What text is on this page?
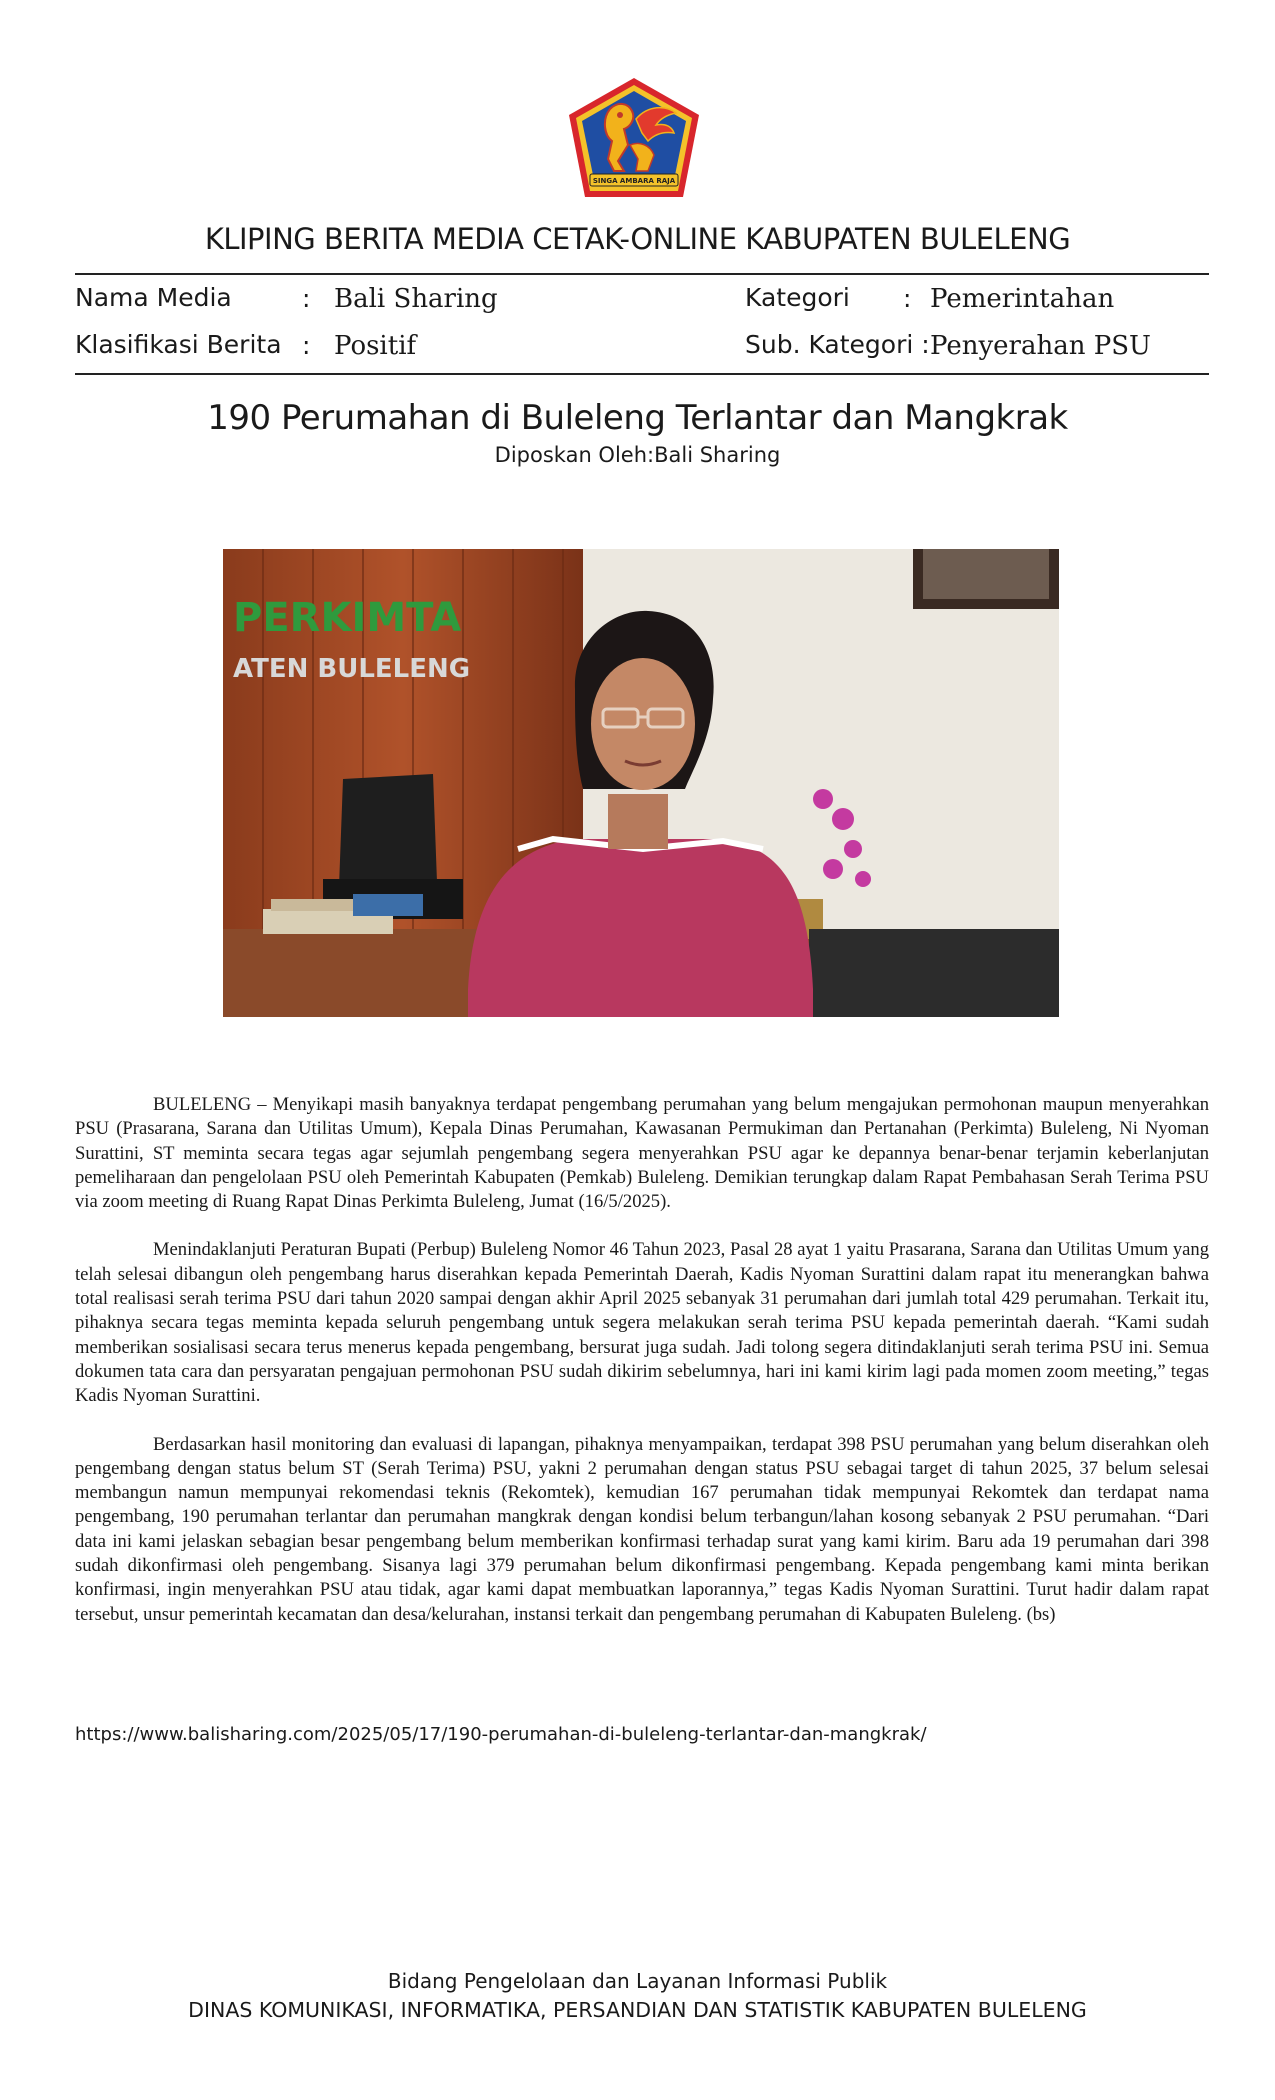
SINGA AMBARA RAJA
KLIPING BERITA MEDIA CETAK-ONLINE KABUPATEN BULELENG
Nama Media	: Bali Sharing
Klasifikasi Berita : Positif
Kategori : Pemerintahan
Sub. Kategori : Penyerahan PSU
190 Perumahan di Buleleng Terlantar dan Mangkrak
Diposkan Oleh:Bali Sharing
PERKIMTA
ATEN BULELENG

BULELENG – Menyikapi masih banyaknya terdapat pengembang perumahan yang belum mengajukan permohonan maupun menyerahkan PSU (Prasarana, Sarana dan Utilitas Umum), Kepala Dinas Perumahan, Kawasanan Permukiman dan Pertanahan (Perkimta) Buleleng, Ni Nyoman Surattini, ST meminta secara tegas agar sejumlah pengembang segera menyerahkan PSU agar ke depannya benar-benar terjamin keberlanjutan pemeliharaan dan pengelolaan PSU oleh Pemerintah Kabupaten (Pemkab) Buleleng. Demikian terungkap dalam Rapat Pembahasan Serah Terima PSU via zoom meeting di Ruang Rapat Dinas Perkimta Buleleng, Jumat (16/5/2025).

Menindaklanjuti Peraturan Bupati (Perbup) Buleleng Nomor 46 Tahun 2023, Pasal 28 ayat 1 yaitu Prasarana, Sarana dan Utilitas Umum yang telah selesai dibangun oleh pengembang harus diserahkan kepada Pemerintah Daerah, Kadis Nyoman Surattini dalam rapat itu menerangkan bahwa total realisasi serah terima PSU dari tahun 2020 sampai dengan akhir April 2025 sebanyak 31 perumahan dari jumlah total 429 perumahan. Terkait itu, pihaknya secara tegas meminta kepada seluruh pengembang untuk segera melakukan serah terima PSU kepada pemerintah daerah. “Kami sudah memberikan sosialisasi secara terus menerus kepada pengembang, bersurat juga sudah. Jadi tolong segera ditindaklanjuti serah terima PSU ini. Semua dokumen tata cara dan persyaratan pengajuan permohonan PSU sudah dikirim sebelumnya, hari ini kami kirim lagi pada momen zoom meeting,” tegas Kadis Nyoman Surattini.

Berdasarkan hasil monitoring dan evaluasi di lapangan, pihaknya menyampaikan, terdapat 398 PSU perumahan yang belum diserahkan oleh pengembang dengan status belum ST (Serah Terima) PSU, yakni 2 perumahan dengan status PSU sebagai target di tahun 2025, 37 belum selesai membangun namun mempunyai rekomendasi teknis (Rekomtek), kemudian 167 perumahan tidak mempunyai Rekomtek dan terdapat nama pengembang, 190 perumahan terlantar dan perumahan mangkrak dengan kondisi belum terbangun/lahan kosong sebanyak 2 PSU perumahan. “Dari data ini kami jelaskan sebagian besar pengembang belum memberikan konfirmasi terhadap surat yang kami kirim. Baru ada 19 perumahan dari 398 sudah dikonfirmasi oleh pengembang. Sisanya lagi 379 perumahan belum dikonfirmasi pengembang. Kepada pengembang kami minta berikan konfirmasi, ingin menyerahkan PSU atau tidak, agar kami dapat membuatkan laporannya,” tegas Kadis Nyoman Surattini. Turut hadir dalam rapat tersebut, unsur pemerintah kecamatan dan desa/kelurahan, instansi terkait dan pengembang perumahan di Kabupaten Buleleng. (bs)

https://www.balisharing.com/2025/05/17/190-perumahan-di-buleleng-terlantar-dan-mangkrak/
Bidang Pengelolaan dan Layanan Informasi Publik
DINAS KOMUNIKASI, INFORMATIKA, PERSANDIAN DAN STATISTIK KABUPATEN BULELENG
